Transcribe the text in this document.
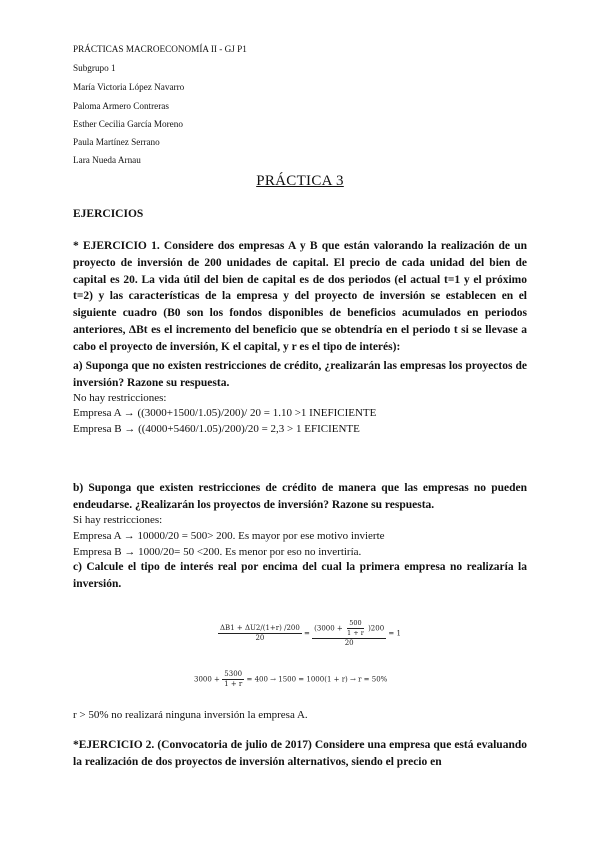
PRÁCTICAS MACROECONOMÍA II - GJ P1
Subgrupo 1
María Victoria López Navarro
Paloma Armero Contreras
Esther Cecilia García Moreno
Paula Martínez Serrano
Lara Nueda Arnau
PRÁCTICA 3
EJERCICIOS

* EJERCICIO 1. Considere dos empresas A y B que están valorando la realización de un proyecto de inversión de 200 unidades de capital. El precio de cada unidad del bien de capital es 20. La vida útil del bien de capital es de dos periodos (el actual t=1 y el próximo t=2) y las características de la empresa y del proyecto de inversión se establecen en el siguiente cuadro (B0 son los fondos disponibles de beneficios acumulados en periodos anteriores, ΔBt es el incremento del beneficio que se obtendría en el periodo t si se llevase a cabo el proyecto de inversión, K el capital, y r es el tipo de interés):

a) Suponga que no existen restricciones de crédito, ¿realizarán las empresas los proyectos de inversión? Razone su respuesta.

No hay restricciones:
Empresa A → ((3000+1500/1.05)/200)/ 20 = 1.10 >1 INEFICIENTE
Empresa B → ((4000+5460/1.05)/200)/20 = 2,3 > 1 EFICIENTE

b) Suponga que existen restricciones de crédito de manera que las empresas no pueden endeudarse. ¿Realizarán los proyectos de inversión? Razone su respuesta.

Si hay restricciones:
Empresa A → 10000/20 = 500> 200. Es mayor por ese motivo invierte
Empresa B → 1000/20= 50 <200. Es menor por eso no invertiría.

c) Calcule el tipo de interés real por encima del cual la primera empresa no realizaría la inversión.

$\frac{\Delta B1 + \Delta U2/(1+r) /200}{20}$ =
$(3000 + \frac{500}{1 + r} )200$
20
= 1
$3000 + \frac{5300}{1 + r} = 400 \to 1500 = 1000(1 + r) \to r = 50\%$
r > 50% no realizará ninguna inversión la empresa A.

*EJERCICIO 2. (Convocatoria de julio de 2017) Considere una empresa que está evaluando la realización de dos proyectos de inversión alternativos, siendo el precio en
